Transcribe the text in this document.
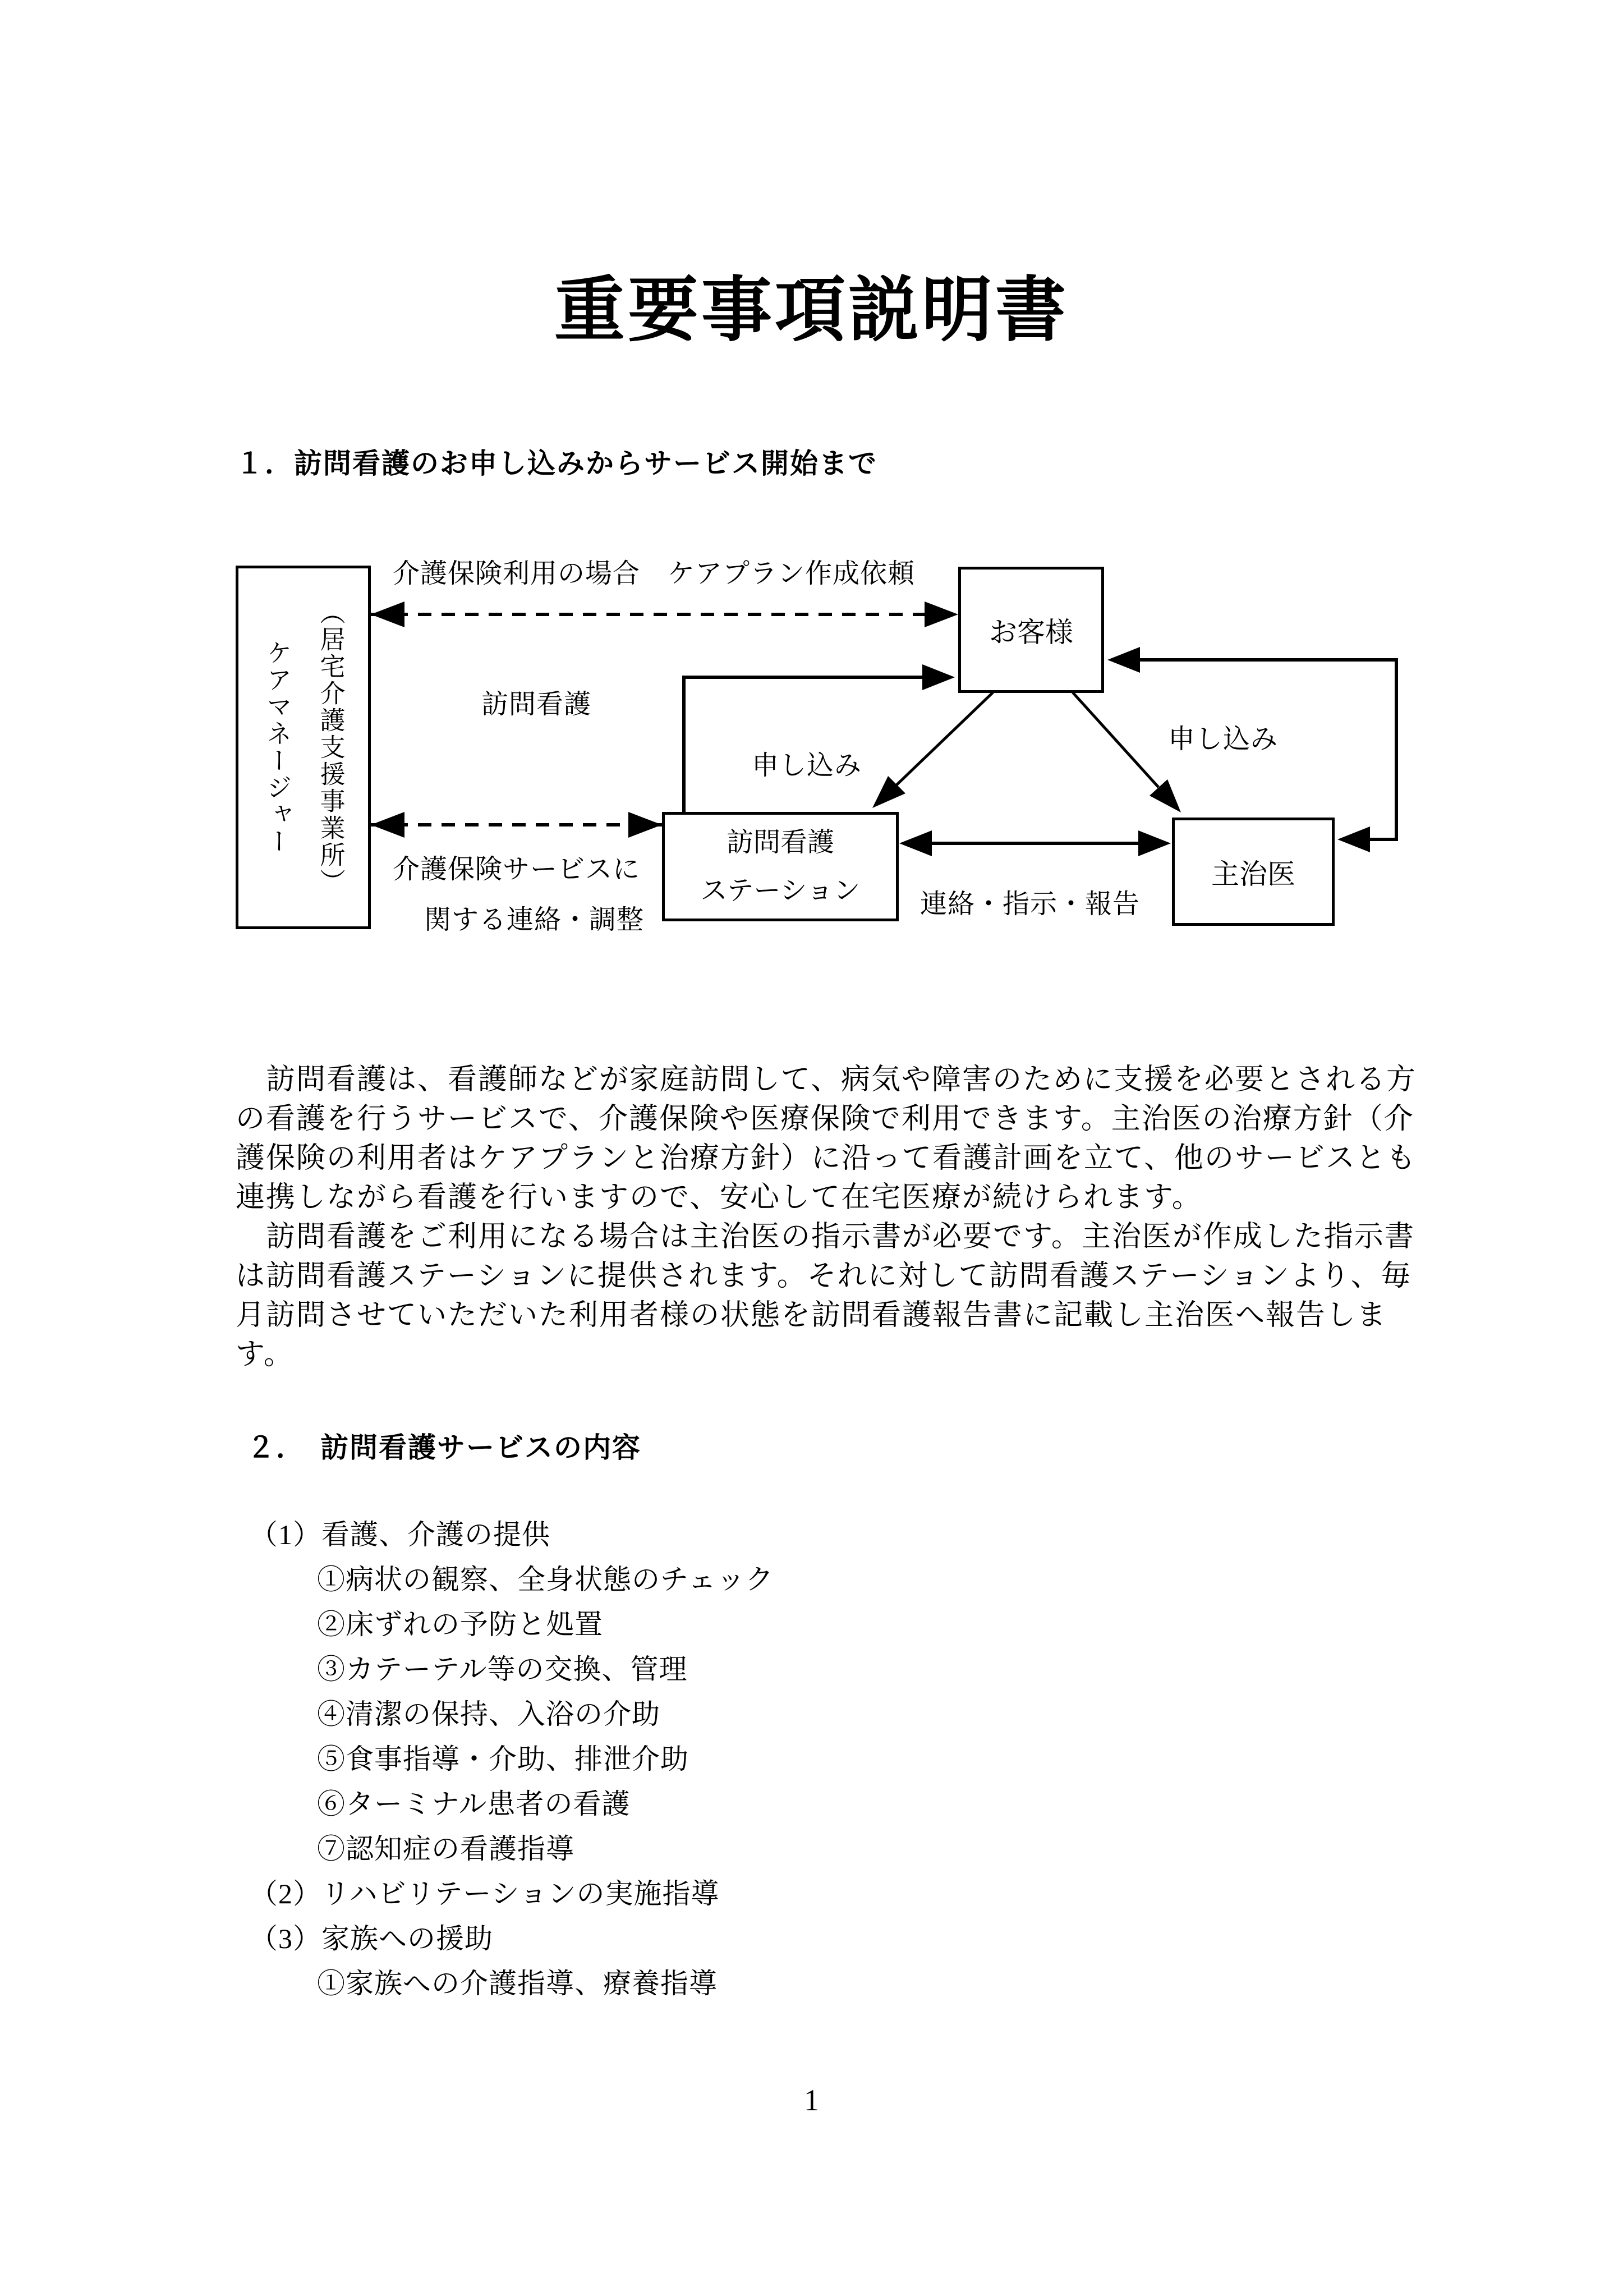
重要事項説明書
１．訪問看護のお申し込みからサービス開始まで
（居宅介護支援事業所）
ケアマネージャー
お客様
訪問看護
ステーション
主治医
介護保険利用の場合　ケアプラン作成依頼
訪問看護
申し込み
申し込み
介護保険サービスに
関する連絡・調整
連絡・指示・報告
　訪問看護は、看護師などが家庭訪問して、病気や障害のために支援を必要とされる方
の看護を行うサービスで、介護保険や医療保険で利用できます。主治医の治療方針（介
護保険の利用者はケアプランと治療方針）に沿って看護計画を立て、他のサービスとも
連携しながら看護を行いますので、安心して在宅医療が続けられます。
　訪問看護をご利用になる場合は主治医の指示書が必要です。主治医が作成した指示書
は訪問看護ステーションに提供されます。それに対して訪問看護ステーションより、毎
月訪問させていただいた利用者様の状態を訪問看護報告書に記載し主治医へ報告しま
す。
２．　訪問看護サービスの内容
（1）看護、介護の提供
①病状の観察、全身状態のチェック
②床ずれの予防と処置
③カテーテル等の交換、管理
④清潔の保持、入浴の介助
⑤食事指導・介助、排泄介助
⑥ターミナル患者の看護
⑦認知症の看護指導
（2）リハビリテーションの実施指導
（3）家族への援助
①家族への介護指導、療養指導
1
